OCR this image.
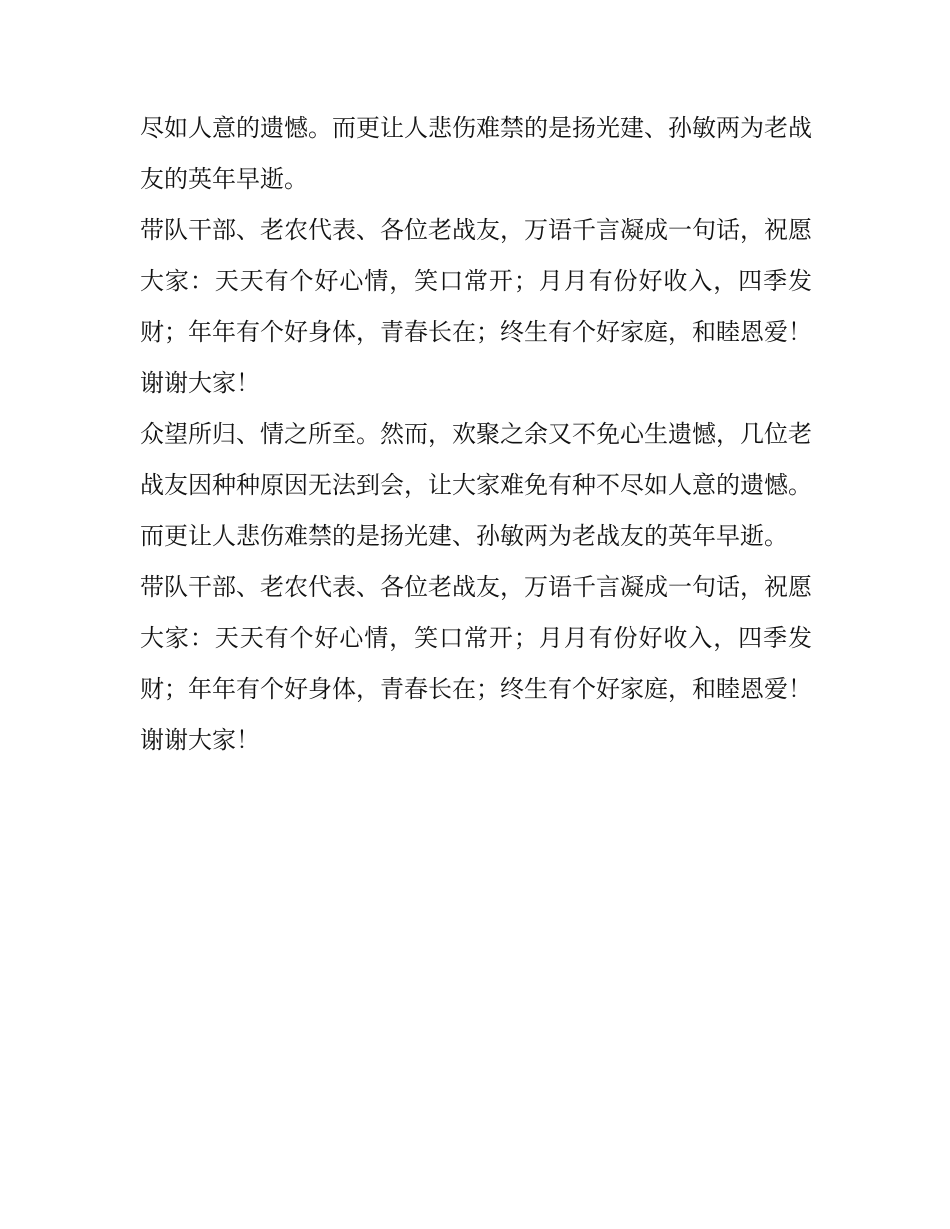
尽如人意的遗憾。而更让人悲伤难禁的是扬光建、孙敏两为老战友的英年早逝。

带队干部、老农代表、各位老战友，万语千言凝成一句话，祝愿大家：天天有个好心情，笑口常开；月月有份好收入，四季发财；年年有个好身体，青春长在；终生有个好家庭，和睦恩爱！

谢谢大家！

众望所归、情之所至。然而，欢聚之余又不免心生遗憾，几位老战友因种种原因无法到会，让大家难免有种不尽如人意的遗憾。而更让人悲伤难禁的是扬光建、孙敏两为老战友的英年早逝。

带队干部、老农代表、各位老战友，万语千言凝成一句话，祝愿大家：天天有个好心情，笑口常开；月月有份好收入，四季发财；年年有个好身体，青春长在；终生有个好家庭，和睦恩爱！

谢谢大家！
